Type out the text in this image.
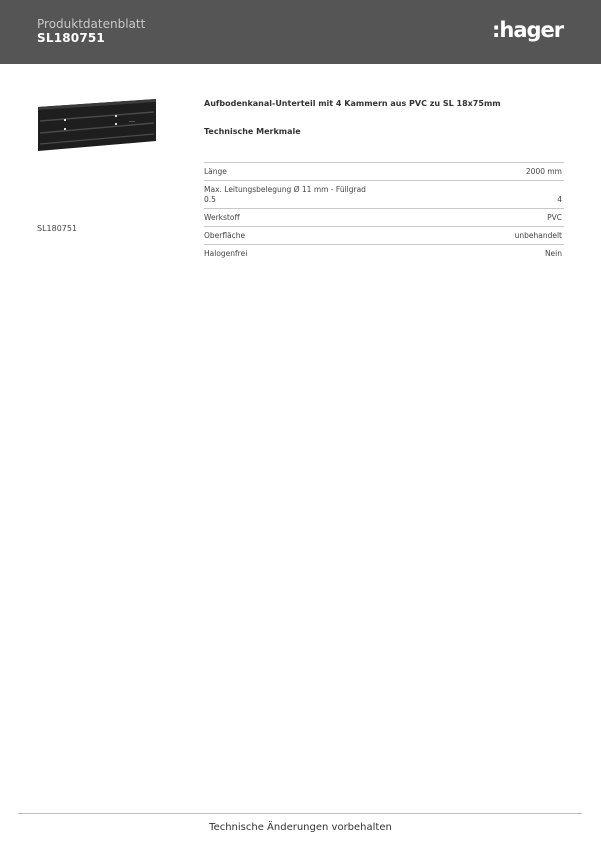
Produktdatenblatt
SL180751	:hager
SL180751
Aufbodenkanal-Unterteil mit 4 Kammern aus PVC zu SL 18x75mm
Technische Merkmale
Länge	2000 mm
Max. Leitungsbelegung Ø 11 mm - Füllgrad
0.5	4
Werkstoff	PVC
Oberfläche	unbehandelt
Halogenfrei	Nein
Technische Änderungen vorbehalten
